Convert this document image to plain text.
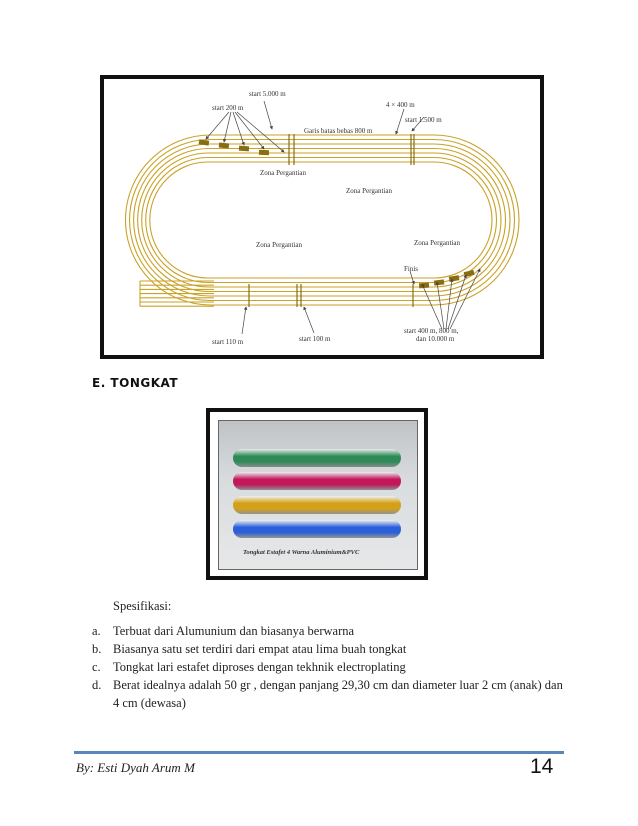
start 5.000 m
start 200 m	4 × 400 m
start 1.500 m
Garis batas bebas 800 m
Zona Pergantian
Zona Pergantian
Zona Pergantian	Zona Pergantian
Finis
start 110 m	start 100 m
start 400 m, 800 m,
dan 10.000 m
E. TONGKAT
Tongkat Estafet 4 Warna Aluminium&PVC
Spesifikasi:
a. Terbuat dari Alumunium dan biasanya berwarna
b. Biasanya satu set terdiri dari empat atau lima buah tongkat
c. Tongkat lari estafet diproses dengan tekhnik electroplating
d. Berat idealnya adalah 50 gr , dengan panjang 29,30 cm dan diameter luar 2 cm (anak) dan 4 cm (dewasa)
By: Esti Dyah Arum M	14
